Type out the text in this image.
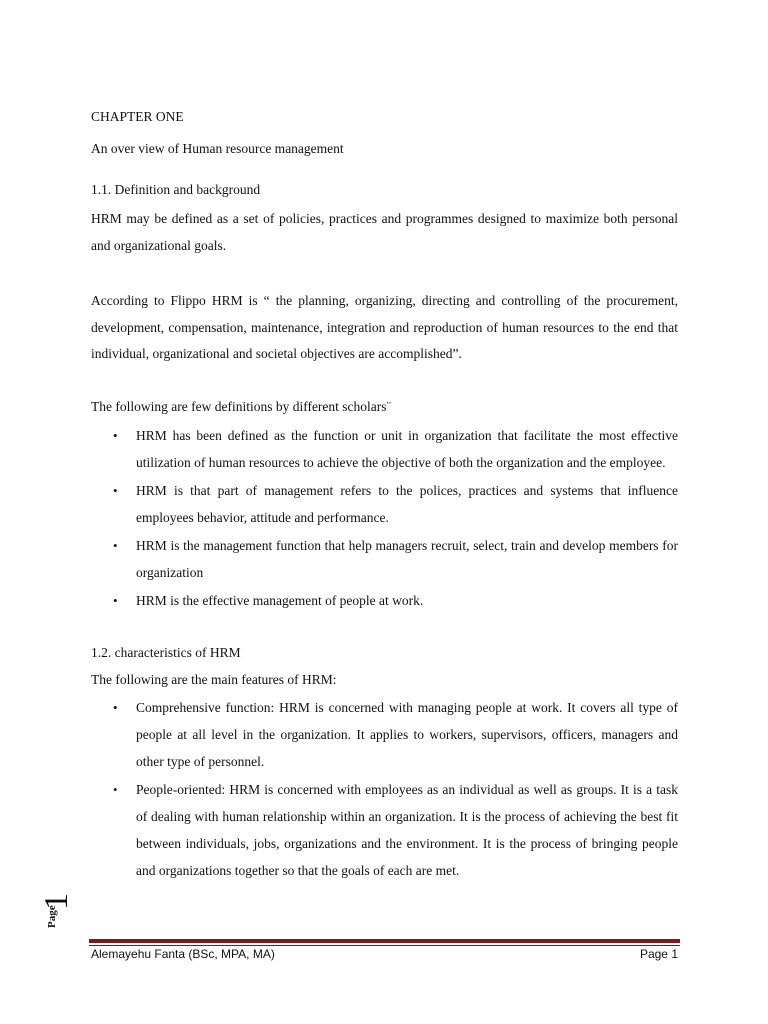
CHAPTER ONE
An over view of Human resource management
1.1. Definition and background
HRM may be defined as a set of policies, practices and programmes designed to maximize both personal and organizational goals.
According to Flippo HRM is “ the planning, organizing, directing and controlling of the procurement, development, compensation, maintenance, integration and reproduction of human resources to the end that individual, organizational and societal objectives are accomplished”.
The following are few definitions by different scholars¨
• HRM has been defined as the function or unit in organization that facilitate the most effective utilization of human resources to achieve the objective of both the organization and the employee.
• HRM is that part of management refers to the polices, practices and systems that influence employees behavior, attitude and performance.
• HRM is the management function that help managers recruit, select, train and develop members for organization
• HRM is the effective management of people at work.
1.2. characteristics of HRM
The following are the main features of HRM:
• Comprehensive function: HRM is concerned with managing people at work. It covers all type of people at all level in the organization. It applies to workers, supervisors, officers, managers and other type of personnel.
• People-oriented: HRM is concerned with employees as an individual as well as groups. It is a task of dealing with human relationship within an organization. It is the process of achieving the best fit between individuals, jobs, organizations and the environment. It is the process of bringing people and organizations together so that the goals of each are met.
Page
1
Alemayehu Fanta (BSc, MPA, MA)	Page 1
